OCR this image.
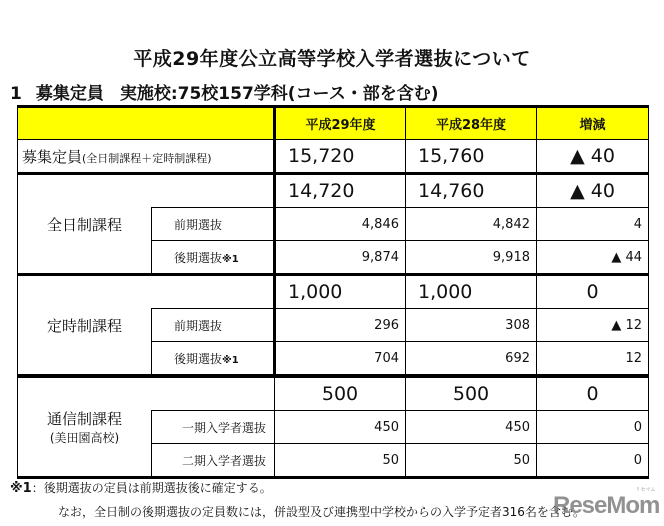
平成29年度公立高等学校入学者選抜について
1 募集定員 実施校:75校157学科(コース・部を含む)
		平成29年度	平成28年度	増減
募集定員(全日制課程＋定時制課程)		15,720	15,760	▲ 40
全日制課程		14,720	14,760	▲ 40
	前期選抜	4,846	4,842	4
	後期選抜※1	9,874	9,918	▲ 44
定時制課程		1,000	1,000	0
	前期選抜	296	308	▲ 12
	後期選抜※1	704	692	12
通信制課程
(美田園高校)		500	500	0
	一期入学者選抜	450	450	0
	二期入学者選抜	50	50	0
※1：後期選抜の定員は前期選抜後に確定する。
なお，全日制の後期選抜の定員数には，併設型及び連携型中学校からの入学予定者316名を含む。
ReseMom
リセマム
